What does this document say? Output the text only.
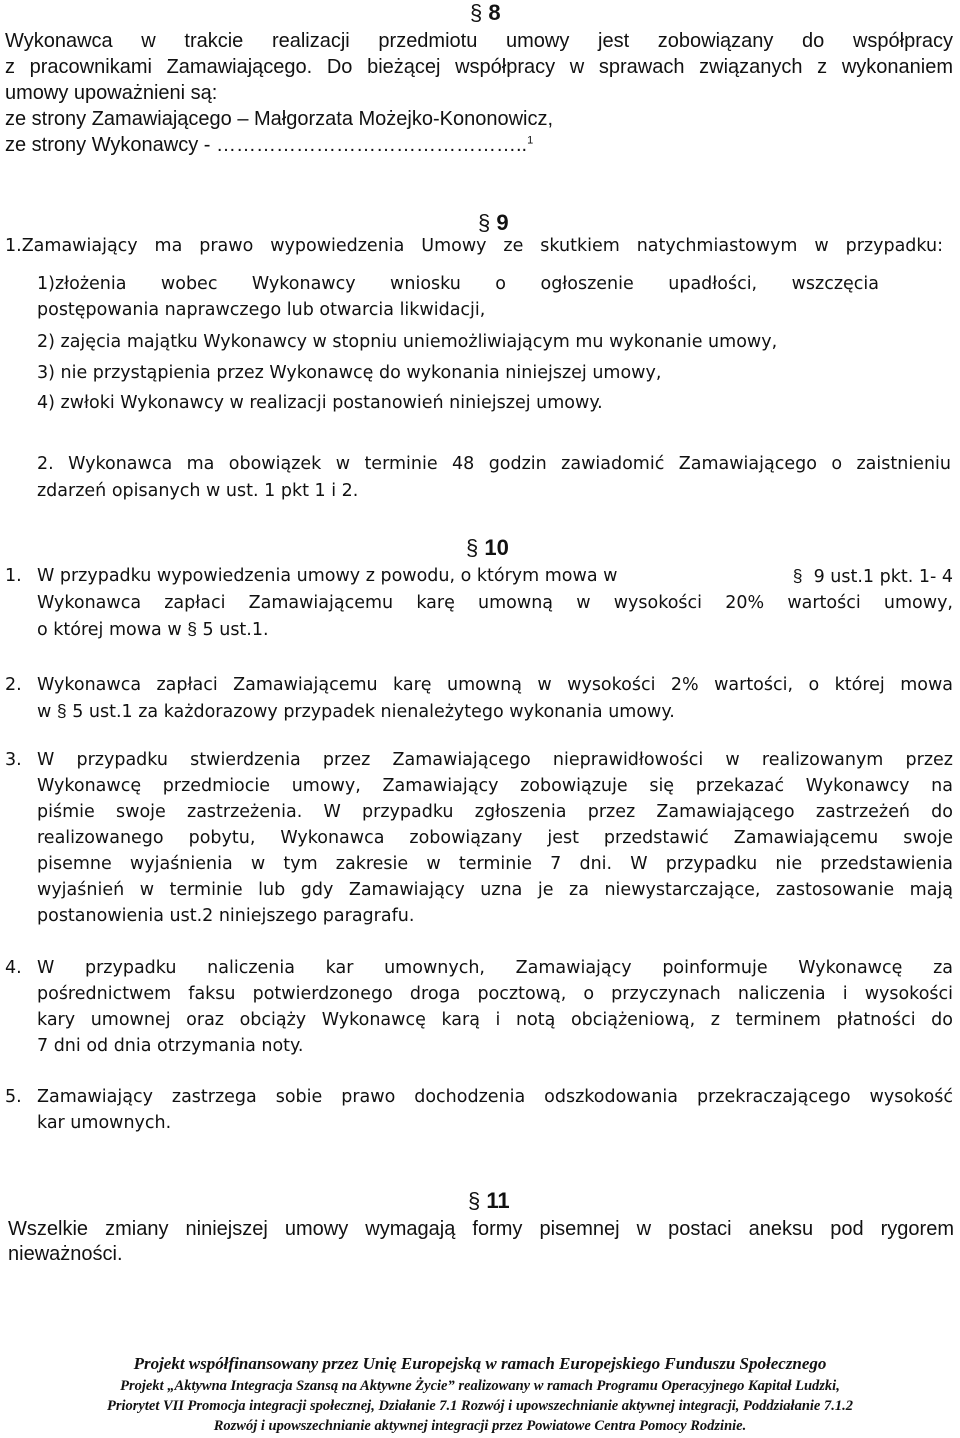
§ 8
Wykonawca w trakcie realizacji przedmiotu umowy jest zobowiązany do współpracy
z pracownikami Zamawiającego. Do bieżącej współpracy w sprawach związanych z wykonaniem
umowy upoważnieni są:
ze strony Zamawiającego – Małgorzata Możejko-Kononowicz,
ze strony Wykonawcy - ………………………………………..$^1$
§ 9
1.Zamawiający ma prawo wypowiedzenia Umowy ze skutkiem natychmiastowym w przypadku:
1)złożenia wobec Wykonawcy wniosku o ogłoszenie upadłości, wszczęcia
postępowania naprawczego lub otwarcia likwidacji,
2) zajęcia majątku Wykonawcy w stopniu uniemożliwiającym mu wykonanie umowy,
3) nie przystąpienia przez Wykonawcę do wykonania niniejszej umowy,
4) zwłoki Wykonawcy w realizacji postanowień niniejszej umowy.
2. Wykonawca ma obowiązek w terminie 48 godzin zawiadomić Zamawiającego o zaistnieniu
zdarzeń opisanych w ust. 1 pkt 1 i 2.
§ 10
1. W przypadku wypowiedzenia umowy z powodu, o którym mowa w	§ 9 ust.1 pkt. 1- 4
Wykonawca zapłaci Zamawiającemu karę umowną w wysokości 20% wartości umowy,
o której mowa w § 5 ust.1.
2. Wykonawca zapłaci Zamawiającemu karę umowną w wysokości 2% wartości, o której mowa
w § 5 ust.1 za każdorazowy przypadek nienależytego wykonania umowy.
3. W przypadku stwierdzenia przez Zamawiającego nieprawidłowości w realizowanym przez
Wykonawcę przedmiocie umowy, Zamawiający zobowiązuje się przekazać Wykonawcy na
piśmie swoje zastrzeżenia. W przypadku zgłoszenia przez Zamawiającego zastrzeżeń do
realizowanego pobytu, Wykonawca zobowiązany jest przedstawić Zamawiającemu swoje
pisemne wyjaśnienia w tym zakresie w terminie 7 dni. W przypadku nie przedstawienia
wyjaśnień w terminie lub gdy Zamawiający uzna je za niewystarczające, zastosowanie mają
postanowienia ust.2 niniejszego paragrafu.
4. W przypadku naliczenia kar umownych, Zamawiający poinformuje Wykonawcę za
pośrednictwem faksu potwierdzonego droga pocztową, o przyczynach naliczenia i wysokości
kary umownej oraz obciąży Wykonawcę karą i notą obciążeniową, z terminem płatności do
7 dni od dnia otrzymania noty.
5. Zamawiający zastrzega sobie prawo dochodzenia odszkodowania przekraczającego wysokość
kar umownych.
§ 11
Wszelkie zmiany niniejszej umowy wymagają formy pisemnej w postaci aneksu pod rygorem
nieważności.
Projekt współfinansowany przez Unię Europejską w ramach Europejskiego Funduszu Społecznego
Projekt „Aktywna Integracja Szansą na Aktywne Życie” realizowany w ramach Programu Operacyjnego Kapitał Ludzki,
Priorytet VII Promocja integracji społecznej, Działanie 7.1 Rozwój i upowszechnianie aktywnej integracji, Poddziałanie 7.1.2
Rozwój i upowszechnianie aktywnej integracji przez Powiatowe Centra Pomocy Rodzinie.
